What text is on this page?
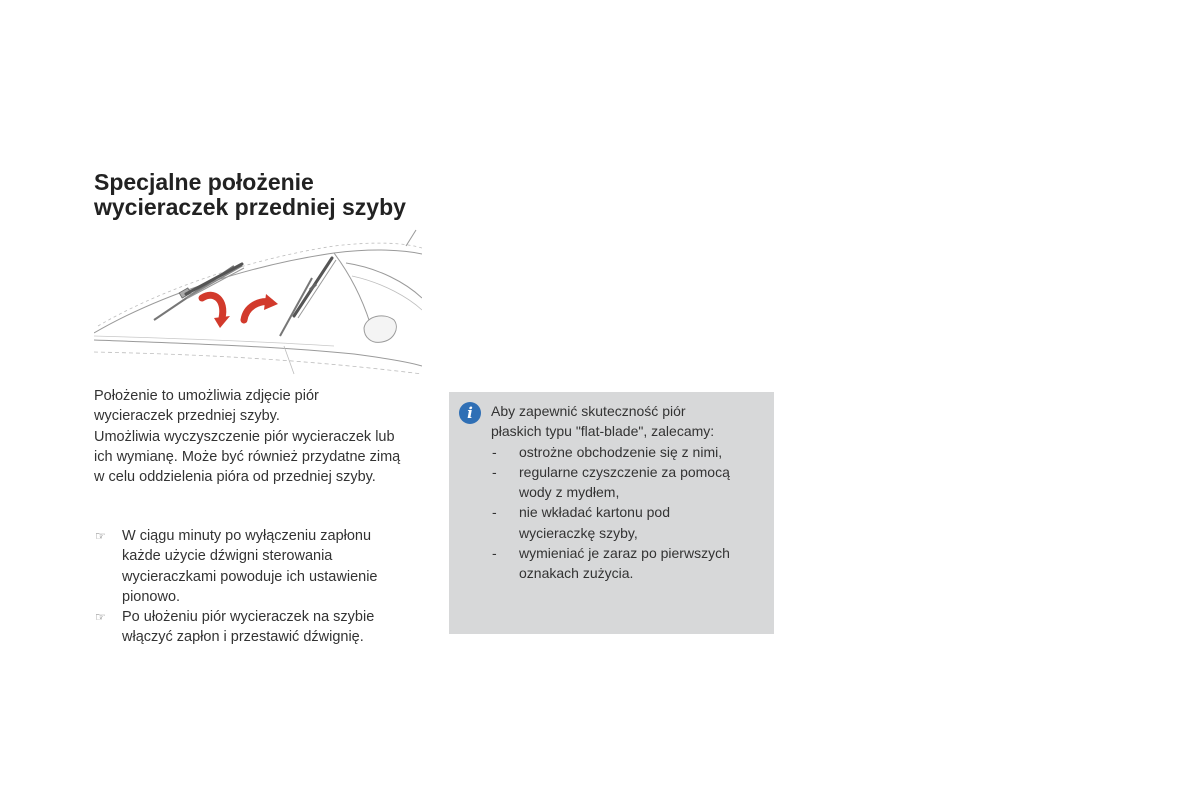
Specjalne położenie
wycieraczek przedniej szyby
Położenie to umożliwia zdjęcie piór
wycieraczek przedniej szyby.
Umożliwia wyczyszczenie piór wycieraczek lub
ich wymianę. Może być również przydatne zimą
w celu oddzielenia pióra od przedniej szyby.
☞ W ciągu minuty po wyłączeniu zapłonu
każde użycie dźwigni sterowania
wycieraczkami powoduje ich ustawienie
pionowo.
☞ Po ułożeniu piór wycieraczek na szybie
włączyć zapłon i przestawić dźwignię.
i	Aby zapewnić skuteczność piór
płaskich typu "flat-blade", zalecamy:
- ostrożne obchodzenie się z nimi,
- regularne czyszczenie za pomocą
wody z mydłem,
- nie wkładać kartonu pod
wycieraczkę szyby,
- wymieniać je zaraz po pierwszych
oznakach zużycia.
